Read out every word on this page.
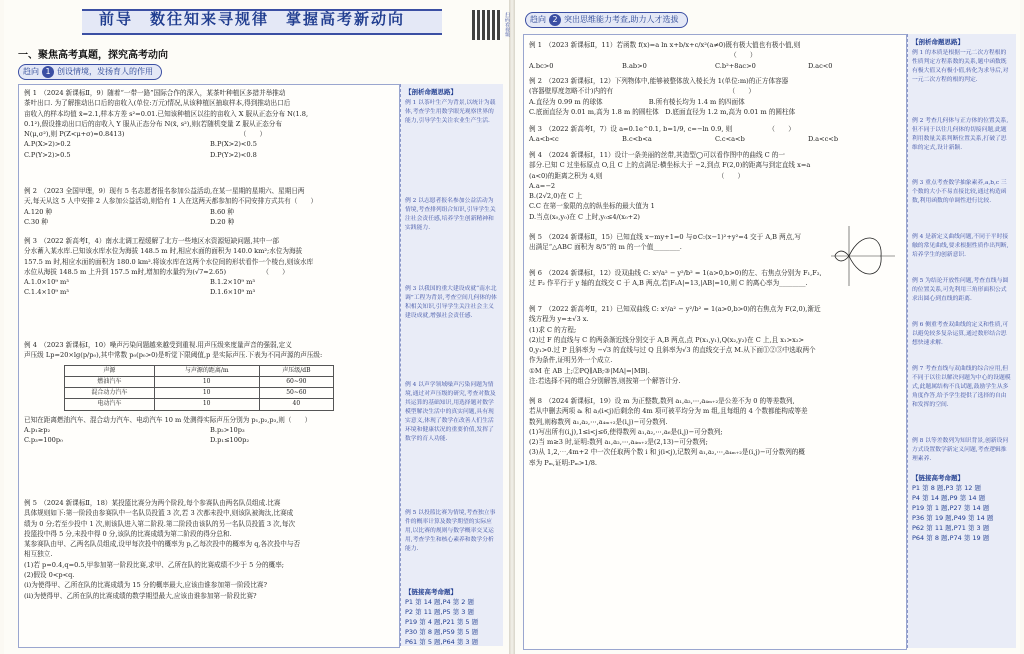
前导　数往知来寻规律　掌握高考新动向
一、聚焦高考真题，探究高考动向
趋向 1 创设情境，发扬育人的作用
【剖析命题思路】

例 1 以茶叶生产为背景,以统计为载体,考查学生用数学眼光观察世界的能力,引导学生关注农业生产生活.

例 2 以志愿者报名参加公益活动为情境,考查排列组合知识,引导学生关注社会责任感,培养学生创新精神和实践能力.

例 3 以我国的重大建设成就“南水北调”工程为背景,考查空间几何体的体积相关知识,引导学生关注社会主义建设成就,增强社会责任感.

例 4 以声学领域噪声污染问题为情境,通过对声压级的研究,考查对数及其运算的基础知识,用选择题对数学模型解决生活中的真实问题,具有现实意义,体现了数学在改善人们生活环境和健康状况的重要价值,发挥了数学的育人功能.

例 5 以投篮比赛为情境,考查独立事件的概率计算及数学期望的实际应用,以比赛的规则与数学概率交叉运用,考查学生和核心素养和数学分析能力.

【链接高考命题】
P1 第 14 题,P4 第 2 题
P2 第 11 题,P5 第 3 题
P19 第 4 题,P21 第 5 题
P30 第 8 题,P59 第 5 题
P61 第 5 题,P64 第 3 题
例 1　（2024 新课标Ⅱ，9）随着“一带一路”国际合作的深入，某茶叶种植区多措并举推动
茶叶出口. 为了解推动出口后的亩收入(单位:万元)情况,从该种植区抽取样本,得到推动出口后
亩收入的样本均值 x̄=2.1,样本方差 s²=0.01.已知该种植区以往的亩收入 X 服从正态分布 N(1.8,
0.1²),假设推动出口后的亩收入 Y 服从正态分布 N(x̄, s²),则(若随机变量 Z 服从正态分布
N(μ,σ²),则 P(Z<μ+σ)≈0.8413)　　　　　　　　　　　　　　　　　　（　　）
A.P(X>2)>0.2	B.P(X>2)<0.5
C.P(Y>2)>0.5	D.P(Y>2)<0.8
例 2　（2023 全国甲理，9）现有 5 名志愿者报名参加公益活动,在某一星期的星期六、星期日两
天,每天从这 5 人中安排 2 人参加公益活动,则恰有 1 人在这两天都参加的不同安排方式共有（　　）
A.120 种	B.60 种
C.30 种	D.20 种
例 3　（2022 新高考Ⅰ，4）南水北调工程缓解了北方一些地区水资源短缺问题,其中一部
分水蓄入某水库.已知该水库水位为海拔 148.5 m 时,相应水面的面积为 140.0 km²;水位为海拔
157.5 m 时,相应水面的面积为 180.0 km².将该水库在这两个水位间的形状看作一个棱台,则该水库
水位从海拔 148.5 m 上升到 157.5 m时,增加的水量约为(√7≈2.65)　　　　　　（　　）
A.1.0×10⁹ m³	B.1.2×10⁹ m³
C.1.4×10⁹ m³	D.1.6×10⁹ m³
例 4　（2023 新课标Ⅰ，10）噪声污染问题越来越受到重视.用声压级来度量声音的强弱,定义
声压级 Lp=20×lg(p/p₀),其中常数 p₀(p₀>0)是听觉下限阈值,p 是实际声压.下表为不同声源的声压级:
声源	与声源的距离/m	声压级/dB
燃油汽车	10	60~90
混合动力汽车	10	50~60
电动汽车	10	40
已知在距离燃油汽车、混合动力汽车、电动汽车 10 m 处测得实际声压分别为 p₁,p₂,p₃,则（　　）
A.p₁≥p₂	B.p₂>10p₃
C.p₃=100p₀	D.p₁≤100p₂
例 5　（2024 新课标Ⅱ，18）某投篮比赛分为两个阶段,每个参赛队由两名队员组成.比赛
具体规则如下:第一阶段由参赛队中一名队员投篮 3 次,若 3 次都未投中,则该队被淘汰,比赛成
绩为 0 分;若至少投中 1 次,则该队进入第二阶段.第二阶段由该队的另一名队员投篮 3 次,每次
投篮投中得 5 分,未投中得 0 分,该队的比赛成绩为第二阶段的得分总和.
某参赛队由甲、乙两名队员组成,设甲每次投中的概率为 p,乙每次投中的概率为 q,各次投中与否
相互独立.
(1)若 p=0.4,q=0.5,甲参加第一阶段比赛,求甲、乙所在队的比赛成绩不少于 5 分的概率;
(2)假设 0<p<q.
(ⅰ)为使得甲、乙所在队的比赛成绩为 15 分的概率最大,应该由谁参加第一阶段比赛?
(ⅱ)为使得甲、乙所在队的比赛成绩的数学期望最大,应该由谁参加第一阶段比赛?
扫码看视频	趋向 2 突出思维能力考查,助力人才选拔
【剖析命题思路】

例 1 的本质是根据一元二次方程根的性质判定方程系数的关系,题中函数既有极大值又有极小值,转化为求导后,对一元二次方程的根的判定.

例 2 考查几何体与正方体的位置关系,但不同于以往几何体的切接问题,此题利用数量关系判断位置关系,打破了思维的定式,设计新颖.

例 3 重点考查数学抽象素养,a,b,c 三个数的大小不易直接比较,通过构造函数,利用函数的单调性进行比较.

例 4 是新定义曲线问题,不同于平时接触的常见曲线,要求根据性质作出判断,培养学生的创新意识.

例 5 为结论开放性问题,考查直线与圆的位置关系,可先利用三角形面积公式求出圆心到直线的距离.

例 6 侧重考查双曲线的定义和性质,可以避免较多复杂运算,通过数形结合思想快速求解.

例 7 考查直线与双曲线的综合应用,但不同于以往以解决问题为中心的设题模式,此题属结构不良试题,鼓励学生从多角度作答,给予学生提供了选择的自由和发挥的空间.

例 8 以等差数列为知识背景,创新设问方式设置数学新定义问题,考查逻辑推理素养.

【链接高考命题】
P1 第 8 题,P3 第 12 题
P4 第 14 题,P9 第 14 题
P19 第 1 题,P27 第 14 题
P36 第 19 题,P49 第 14 题
P62 第 11 题,P71 第 3 题
P64 第 8 题,P74 第 19 题
例 1　（2023 新课标Ⅱ，11）若函数 f(x)=a ln x+b/x+c/x²(a≠0)既有极大值也有极小值,则
　　　　　　　　　　　　　　　　　　　　　　　　　　　　　　　（　　）
A.bc>0	B.ab>0	C.b²+8ac>0	D.ac<0
例 2　（2023 新课标Ⅰ，12）下列物体中,能够被整体放入棱长为 1(单位:m)的正方体容器
(容器壁厚度忽略不计)内的有　　　　　　　　　　　　　　　　　　（　　）
A.直径为 0.99 m 的球体　　　　　　　B.所有棱长均为 1.4 m 的四面体
C.底面直径为 0.01 m,高为 1.8 m 的圆柱体　D.底面直径为 1.2 m,高为 0.01 m 的圆柱体
例 3　（2022 新高考Ⅰ，7）设 a=0.1e^0.1, b=1/9, c=−ln 0.9, 则　　　　　　（　　）
A.a<b<c	B.c<b<a	C.c<a<b	D.a<c<b
例 4　（2024 新课标Ⅰ，11）设计一条美丽的丝带,其造型◯可以看作图中的曲线 C 的一
部分.已知 C 过坐标原点 O,且 C 上的点满足:横坐标大于 −2,到点 F(2,0)的距离与到定直线 x=a
(a<0)的距离之积为 4,则　　　　　　　　　　　　　　　　　　（　　）
A.a=−2
B.(2√2,0)在 C 上
C.C 在第一象限的点的纵坐标的最大值为 1
D.当点(x₀,y₀)在 C 上时,y₀≤4/(x₀+2)
例 5　（2024 新课标Ⅱ，15）已知直线 x−my+1=0 与⊙C:(x−1)²+y²=4 交于 A,B 两点,写
出满足“△ABC 面积为 8/5”的 m 的一个值________.
例 6　（2024 新课标Ⅰ，12）设双曲线 C: x²/a² − y²/b² = 1(a>0,b>0)的左、右焦点分别为 F₁,F₂,
过 F₂ 作平行于 y 轴的直线交 C 于 A,B 两点,若|F₁A|=13,|AB|=10,则 C 的离心率为________.
例 7　（2022 新高考Ⅱ，21）已知双曲线 C: x²/a² − y²/b² = 1(a>0,b>0)的右焦点为 F(2,0),渐近
线方程为 y=±√3 x.
(1)求 C 的方程;
(2)过 F 的直线与 C 的两条渐近线分别交于 A,B 两点,点 P(x₁,y₁),Q(x₂,y₂)在 C 上,且 x₁>x₂>
0,y₁>0.过 P 且斜率为 −√3 的直线与过 Q 且斜率为√3 的直线交于点 M.从下面①②③中选取两个
作为条件,证明另外一个成立.
①M 在 AB 上;②PQ∥AB;③|MA|=|MB|.
注:若选择不同的组合分别解答,则按第一个解答计分.
例 8　（2024 新课标Ⅰ，19）设 m 为正整数,数列 a₁,a₂,⋯,a₄ₘ₊₂是公差不为 0 的等差数列,
若从中删去两项 aᵢ 和 aⱼ(i<j)后剩余的 4m 项可被平均分为 m 组,且每组的 4 个数都能构成等差
数列,则称数列 a₁,a₂,⋯,a₄ₘ₊₂是(i,j)−可分数列.
(1)写出所有(i,j),1≤i<j≤6,使得数列 a₁,a₂,⋯,a₆是(i,j)−可分数列;
(2)当 m≥3 时,证明:数列 a₁,a₂,⋯,a₄ₘ₊₂是(2,13)−可分数列;
(3)从 1,2,⋯,4m+2 中一次任取两个数 i 和 j(i<j),记数列 a₁,a₂,⋯,a₄ₘ₊₂是(i,j)−可分数列的概
率为 Pₘ,证明:Pₘ>1/8.
